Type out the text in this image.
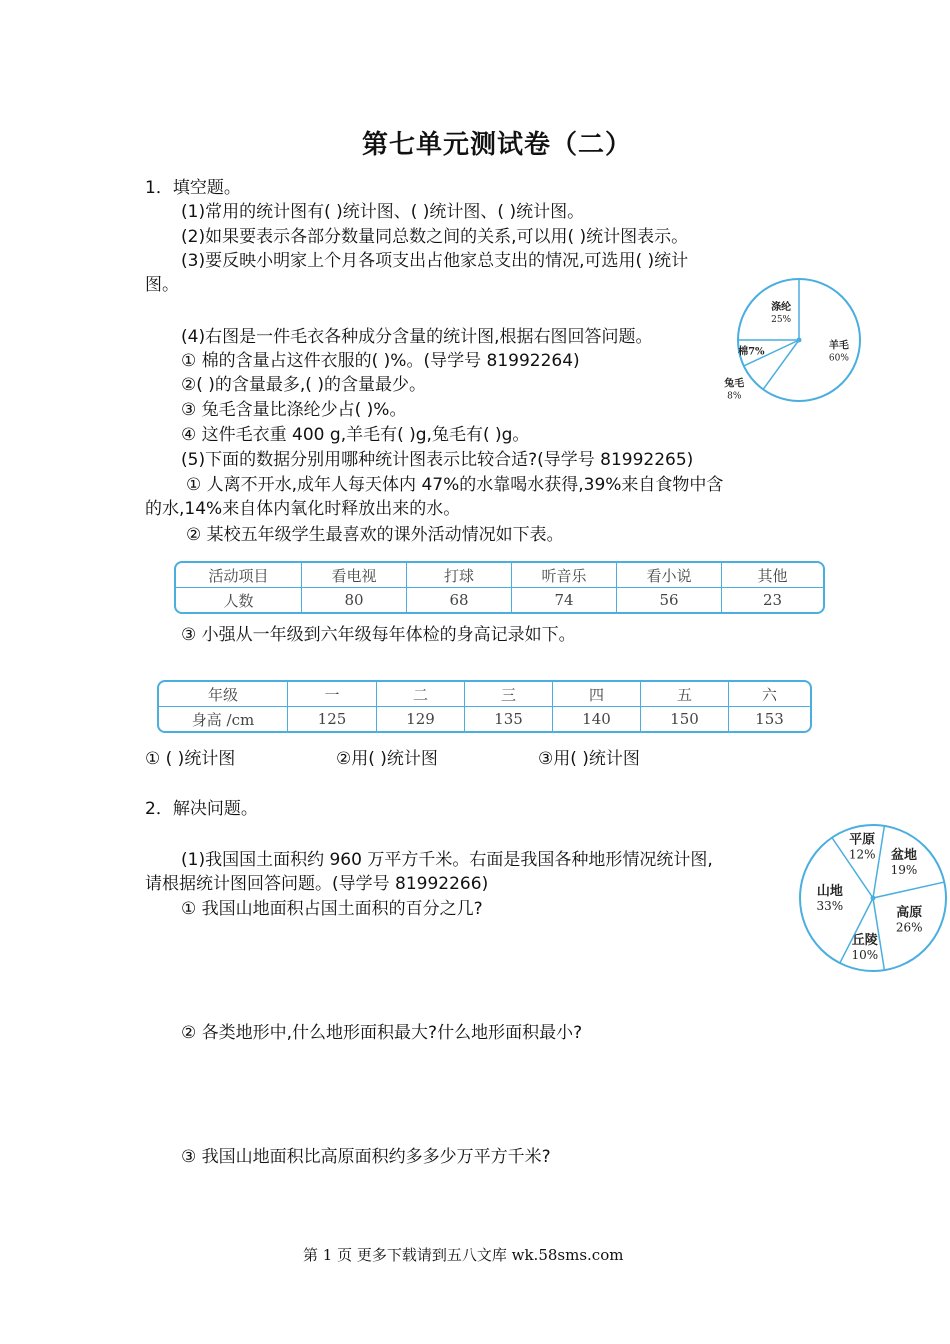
第七单元测试卷（二）
1．填空题。
(1)常用的统计图有( )统计图、( )统计图、( )统计图。
(2)如果要表示各部分数量同总数之间的关系,可以用( )统计图表示。
(3)要反映小明家上个月各项支出占他家总支出的情况,可选用( )统计
图。
(4)右图是一件毛衣各种成分含量的统计图,根据右图回答问题。
① 棉的含量占这件衣服的( )%。(导学号 81992264)
②( )的含量最多,( )的含量最少。
③ 兔毛含量比涤纶少占( )%。
④ 这件毛衣重 400 g,羊毛有( )g,兔毛有( )g。
(5)下面的数据分别用哪种统计图表示比较合适?(导学号 81992265)
① 人离不开水,成年人每天体内 47%的水靠喝水获得,39%来自食物中含
的水,14%来自体内氧化时释放出来的水。
② 某校五年级学生最喜欢的课外活动情况如下表。
羊毛
60%
兔毛
8%
棉7%
涤纶
25%
活动项目	看电视	打球	听音乐	看小说	其他
人数	80	68	74	56	23
③ 小强从一年级到六年级每年体检的身高记录如下。
年级	一	二	三	四	五	六
身高 /cm	125	129	135	140	150	153
① ( )统计图	②用( )统计图	③用( )统计图
2．解决问题。
(1)我国国土面积约 960 万平方千米。右面是我国各种地形情况统计图,
请根据统计图回答问题。(导学号 81992266)
① 我国山地面积占国土面积的百分之几?
② 各类地形中,什么地形面积最大?什么地形面积最小?
③ 我国山地面积比高原面积约多多少万平方千米?
盆地
19%
高原
26%
丘陵
10%
山地
33%
平原
12%
第 1 页 更多下载请到五八文库 wk.58sms.com
